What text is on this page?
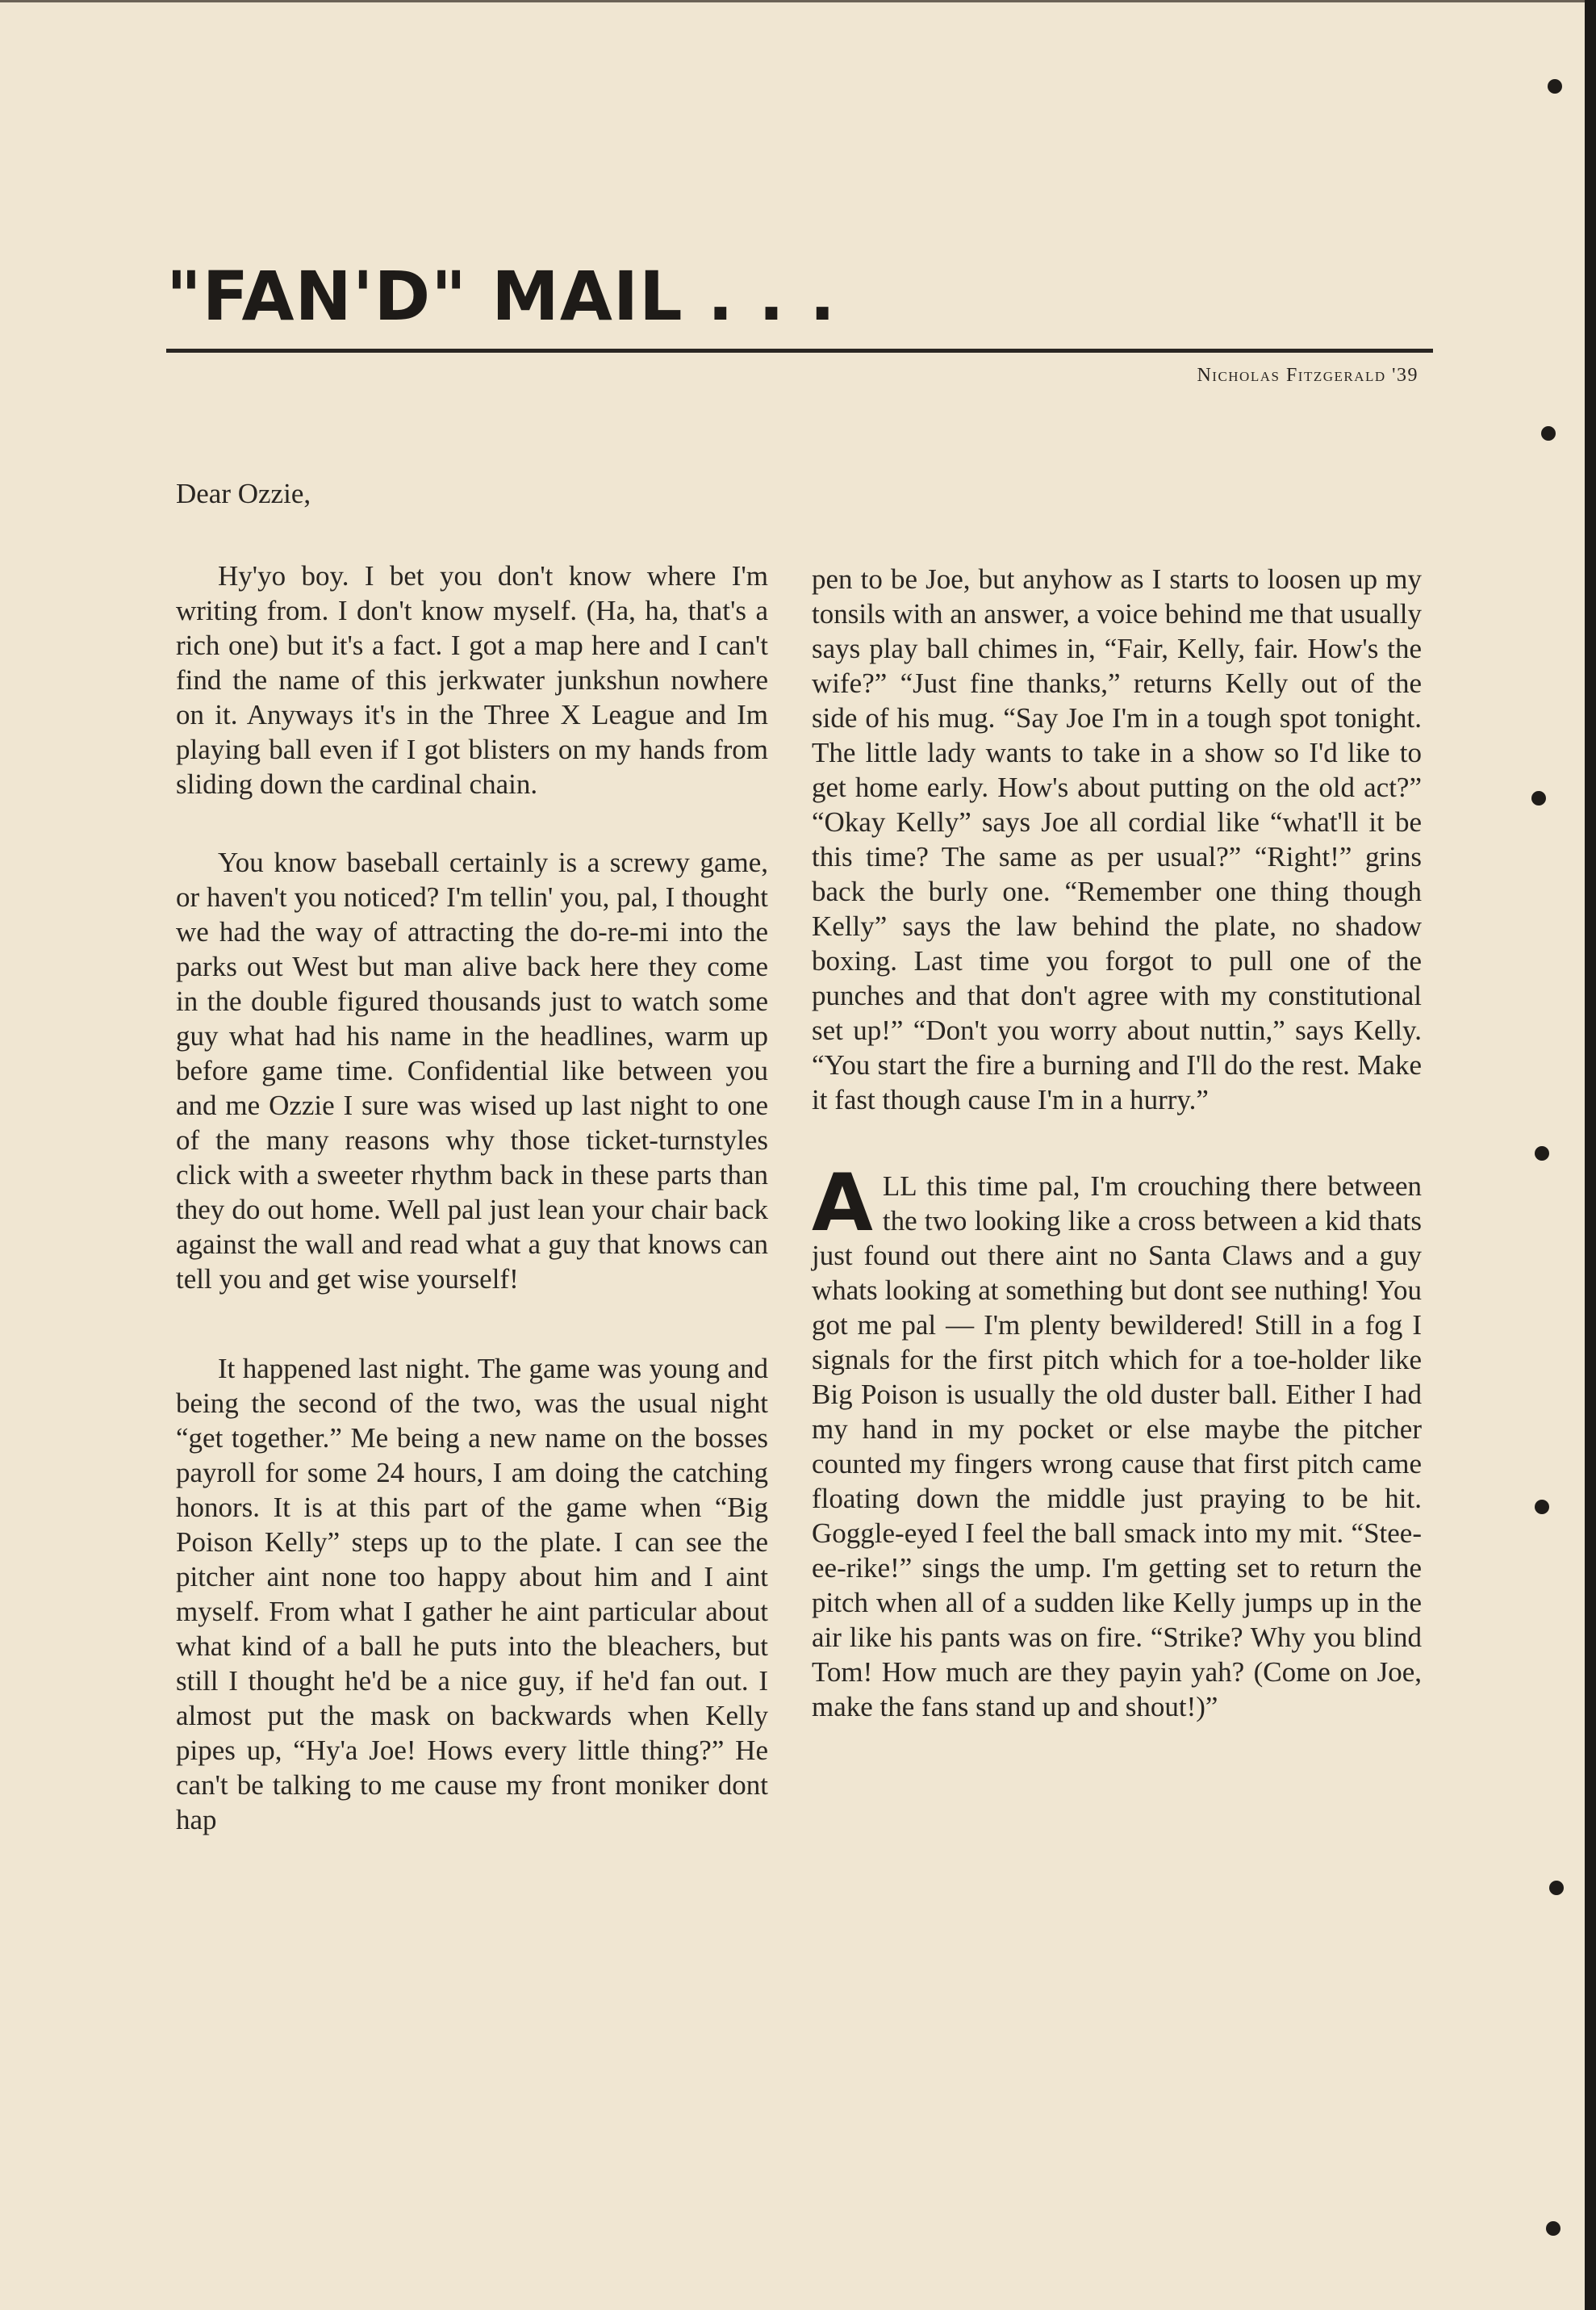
"FAN'D" MAIL . . .
Nicholas Fitzgerald '39
Dear Ozzie,

Hy'yo boy. I bet you don't know where I'm writing from. I don't know myself. (Ha, ha, that's a rich one) but it's a fact. I got a map here and I can't find the name of this jerkwater junkshun nowhere on it. Anyways it's in the Three X League and Im playing ball even if I got blisters on my hands from sliding down the cardinal chain.

You know baseball certainly is a screwy game, or haven't you noticed? I'm tellin' you, pal, I thought we had the way of attracting the do-re-mi into the parks out West but man alive back here they come in the double figured thousands just to watch some guy what had his name in the headlines, warm up before game time. Confidential like between you and me Ozzie I sure was wised up last night to one of the many reasons why those ticket-turnstyles click with a sweeter rhythm back in these parts than they do out home. Well pal just lean your chair back against the wall and read what a guy that knows can tell you and get wise yourself!

It happened last night. The game was young and being the second of the two, was the usual night “get together.” Me being a new name on the bosses payroll for some 24 hours, I am doing the catching honors. It is at this part of the game when “Big Poison Kelly” steps up to the plate. I can see the pitcher aint none too happy about him and I aint myself. From what I gather he aint particular about what kind of a ball he puts into the bleachers, but still I thought he'd be a nice guy, if he'd fan out. I almost put the mask on backwards when Kelly pipes up, “Hy'a Joe! Hows every little thing?” He can't be talking to me cause my front moniker dont hap

pen to be Joe, but anyhow as I starts to loosen up my tonsils with an answer, a voice behind me that usually says play ball chimes in, “Fair, Kelly, fair. How's the wife?” “Just fine thanks,” returns Kelly out of the side of his mug. “Say Joe I'm in a tough spot tonight. The little lady wants to take in a show so I'd like to get home early. How's about putting on the old act?” “Okay Kelly” says Joe all cordial like “what'll it be this time? The same as per usual?” “Right!” grins back the burly one. “Remember one thing though Kelly” says the law behind the plate, no shadow boxing. Last time you forgot to pull one of the punches and that don't agree with my constitutional set up!” “Don't you worry about nuttin,” says Kelly. “You start the fire a burning and I'll do the rest. Make it fast though cause I'm in a hurry.”

ALL this time pal, I'm crouching there between the two looking like a cross between a kid thats just found out there aint no Santa Claws and a guy whats looking at something but dont see nuthing! You got me pal — I'm plenty bewildered! Still in a fog I signals for the first pitch which for a toe-holder like Big Poison is usually the old duster ball. Either I had my hand in my pocket or else maybe the pitcher counted my fingers wrong cause that first pitch came floating down the middle just praying to be hit. Goggle-eyed I feel the ball smack into my mit. “Stee-ee-rike!” sings the ump. I'm getting set to return the pitch when all of a sudden like Kelly jumps up in the air like his pants was on fire. “Strike? Why you blind Tom! How much are they payin yah? (Come on Joe, make the fans stand up and shout!)”
